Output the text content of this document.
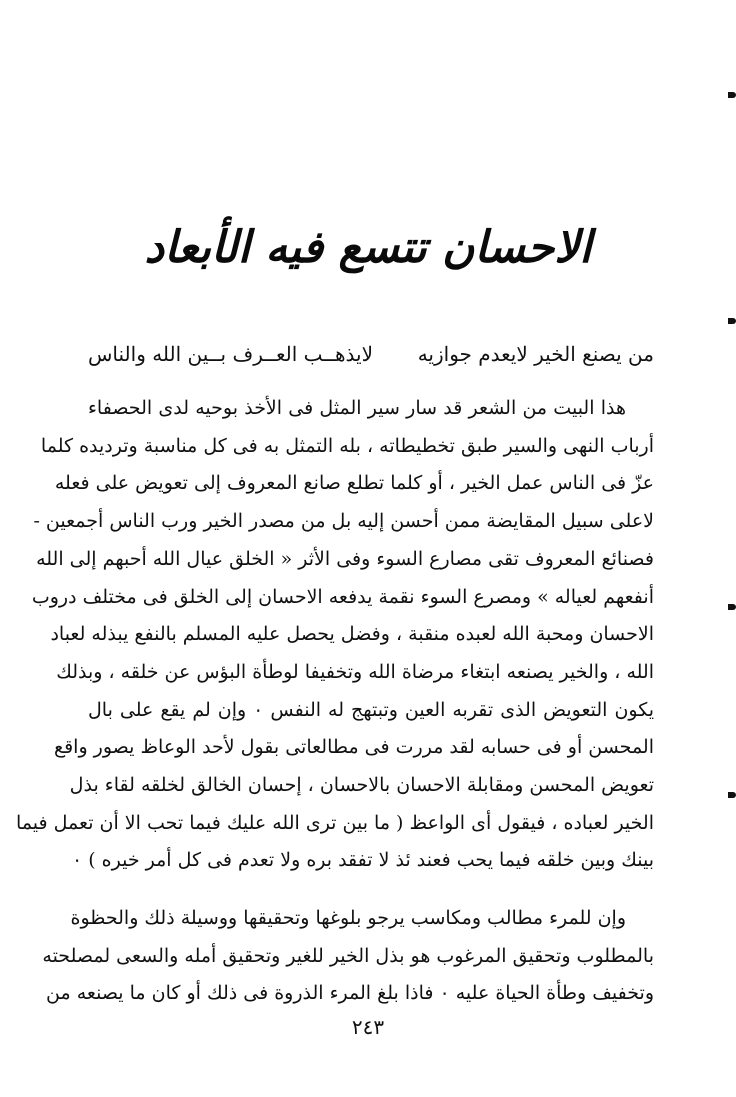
الاحسان تتسع فيه الأبعاد
من يصنع الخير لايعدم جوازيه
لايذهــب العــرف بــين الله والناس
هذا البيت من الشعر قد سار سير المثل فى الأخذ بوحيه لدى الحصفاء
أرباب النهى والسير طبق تخطيطاته ، بله التمثل به فى كل مناسبة وترديده كلما
عزّ فى الناس عمل الخير ، أو كلما تطلع صانع المعروف إلى تعويض على فعله
لاعلى سبيل المقايضة ممن أحسن إليه بل من مصدر الخير ورب الناس أجمعين -
فصنائع المعروف تقى مصارع السوء وفى الأثر « الخلق عيال الله أحبهم إلى الله
أنفعهم لعياله » ومصرع السوء نقمة يدفعه الاحسان إلى الخلق فى مختلف دروب
الاحسان ومحبة الله لعبده منقبة ، وفضل يحصل عليه المسلم بالنفع يبذله لعباد
الله ، والخير يصنعه ابتغاء مرضاة الله وتخفيفا لوطأة البؤس عن خلقه ، وبذلك
يكون التعويض الذى تقربه العين وتبتهج له النفس ٠ وإن لم يقع على بال
المحسن أو فى حسابه لقد مررت فى مطالعاتى بقول لأحد الوعاظ يصور واقع
تعويض المحسن ومقابلة الاحسان بالاحسان ، إحسان الخالق لخلقه لقاء بذل
الخير لعباده ، فيقول أى الواعظ ( ما بين ترى الله عليك فيما تحب الا أن تعمل فيما
بينك وبين خلقه فيما يحب فعند ئذ لا تفقد بره ولا تعدم فى كل أمر خيره ) ٠
وإن للمرء مطالب ومكاسب يرجو بلوغها وتحقيقها ووسيلة ذلك والحظوة
بالمطلوب وتحقيق المرغوب هو بذل الخير للغير وتحقيق أمله والسعى لمصلحته
وتخفيف وطأة الحياة عليه ٠ فاذا بلغ المرء الذروة فى ذلك أو كان ما يصنعه من
٢٤٣
